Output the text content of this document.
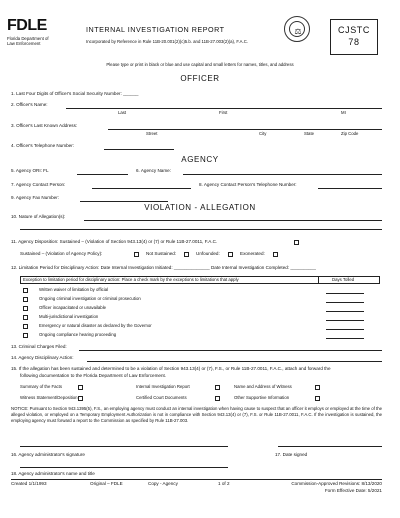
FDLE
Florida Department of
Law Enforcement
INTERNAL INVESTIGATION REPORT
Incorporated by Reference in Rule 11B-20.001(2)(c)5.b. and 11B-27.003(2)(a), F.A.C.
⚖	CJSTC
78
Please type or print in black or blue and use capital and small letters for names, titles, and address
OFFICER
1. Last Four Digits of Officer's Social Security Number: ______
2. Officer's Name:
Last	First	MI
3. Officer's Last Known Address:
Street	City	State	Zip Code
4. Officer's Telephone Number:
AGENCY
5. Agency ORI: FL	6. Agency Name:
7. Agency Contact Person:	8. Agency Contact Person's Telephone Number:
9. Agency Fax Number:
VIOLATION - ALLEGATION
10. Nature of Allegation(s):
11. Agency Disposition: Sustained – (Violation of Section 943.13(4) or (7) or Rule 11B-27.0011, F.A.C.
Sustained – (Violation of Agency Policy):	Not Sustained:	Unfounded:	Exonerated:
12. Limitation Period for Disciplinary Action: Date Internal Investigation Initiated: ______________ Date Internal Investigation Completed: __________
Exception to limitation period for disciplinary action: Place a check mark by the exceptions to limitations that apply	Days Tolled
Written waiver of limitation by official
Ongoing criminal investigation or criminal prosecution
Officer incapacitated or unavailable
Multi-jurisdictional investigation
Emergency or natural disaster as declared by the Governor
Ongoing compliance hearing proceeding
13. Criminal Charges Filed:
14. Agency Disciplinary Action:
15. If the allegation has been sustained and determined to be a violation of Section 943.13(4) or (7), F.S., or Rule 11B-27.0011, F.A.C., attach and forward the
following documentation to the Florida Department of Law Enforcement.
Summary of the Facts	Internal Investigation Report	Name and Address of Witness
Witness Statement/Deposition	Certified Court Documents	Other Supportive Information
NOTICE: Pursuant to Section 943.1395(5), F.S., an employing agency must conduct an internal investigation when having cause to suspect that an officer it employs or employed at the time of the alleged violation, or employed on a Temporary Employment Authorization is not in compliance with Section 943.13(4) or (7), F.S. or Rule 11B-27.0011, F.A.C. If the investigation is sustained, the employing agency must forward a report to the Commission as specified by Rule 11B-27.003.
16. Agency administrator's signature	17. Date signed
18. Agency administrator's name and title
Created 1/1/1993	Original – FDLE	Copy - Agency	1 of 2	Commission-Approved Revisions: 8/13/2020
Form Effective Date: 5/2021
